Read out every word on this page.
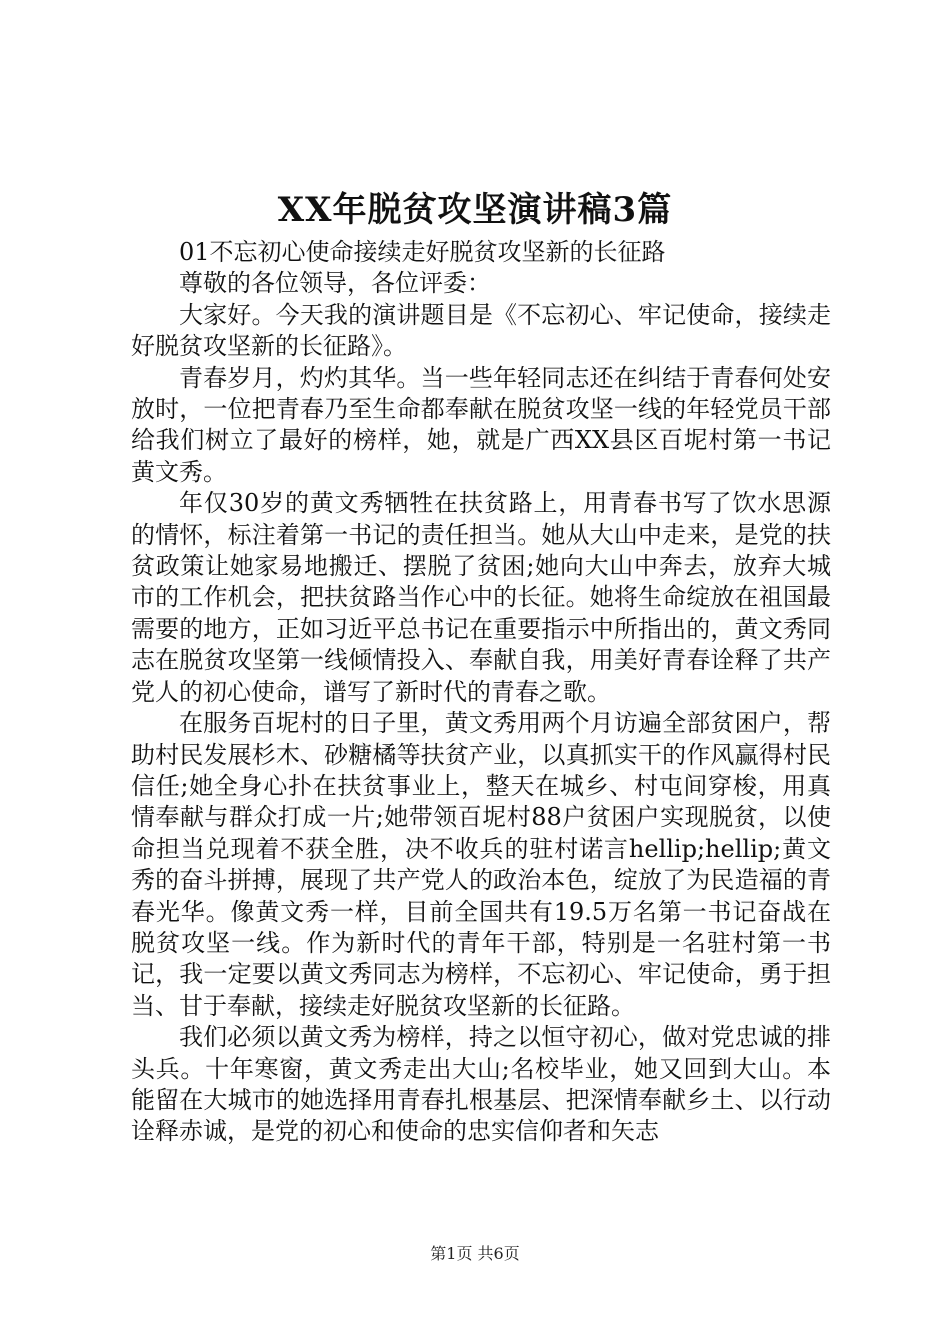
XX年脱贫攻坚演讲稿3篇

01不忘初心使命接续走好脱贫攻坚新的长征路

尊敬的各位领导，各位评委：

大家好。今天我的演讲题目是《不忘初心、牢记使命，接续走好脱贫攻坚新的长征路》。

青春岁月，灼灼其华。当一些年轻同志还在纠结于青春何处安放时，一位把青春乃至生命都奉献在脱贫攻坚一线的年轻党员干部给我们树立了最好的榜样，她，就是广西XX县区百坭村第一书记黄文秀。

年仅30岁的黄文秀牺牲在扶贫路上，用青春书写了饮水思源的情怀，标注着第一书记的责任担当。她从大山中走来，是党的扶贫政策让她家易地搬迁、摆脱了贫困;她向大山中奔去，放弃大城市的工作机会，把扶贫路当作心中的长征。她将生命绽放在祖国最需要的地方，正如习近平总书记在重要指示中所指出的，黄文秀同志在脱贫攻坚第一线倾情投入、奉献自我，用美好青春诠释了共产党人的初心使命，谱写了新时代的青春之歌。

在服务百坭村的日子里，黄文秀用两个月访遍全部贫困户，帮助村民发展杉木、砂糖橘等扶贫产业，以真抓实干的作风赢得村民信任;她全身心扑在扶贫事业上，整天在城乡、村屯间穿梭，用真情奉献与群众打成一片;她带领百坭村88户贫困户实现脱贫，以使命担当兑现着不获全胜，决不收兵的驻村诺言hellip;hellip;黄文秀的奋斗拼搏，展现了共产党人的政治本色，绽放了为民造福的青春光华。像黄文秀一样，目前全国共有19.5万名第一书记奋战在脱贫攻坚一线。作为新时代的青年干部，特别是一名驻村第一书记，我一定要以黄文秀同志为榜样，不忘初心、牢记使命，勇于担当、甘于奉献，接续走好脱贫攻坚新的长征路。

我们必须以黄文秀为榜样，持之以恒守初心，做对党忠诚的排头兵。十年寒窗，黄文秀走出大山;名校毕业，她又回到大山。本能留在大城市的她选择用青春扎根基层、把深情奉献乡土、以行动诠释赤诚，是党的初心和使命的忠实信仰者和矢志

第1页 共6页
